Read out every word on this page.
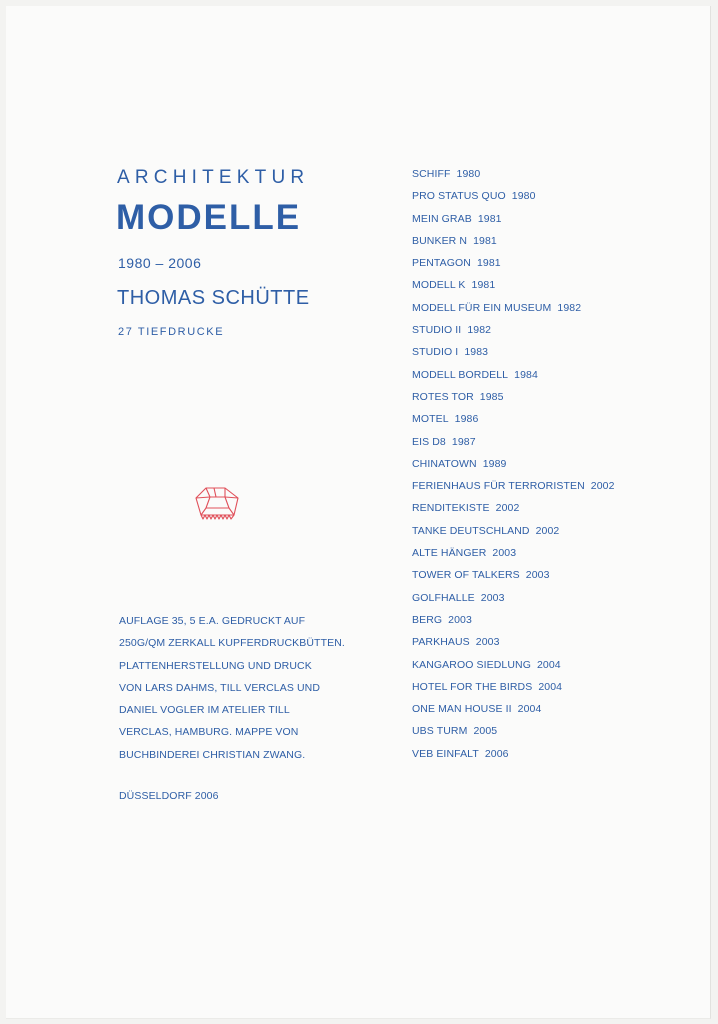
ARCHITEKTUR
MODELLE
1980 – 2006
THOMAS SCHÜTTE
27 TIEFDRUCKE
AUFLAGE 35, 5 E.A. GEDRUCKT AUF
250G/QM ZERKALL KUPFERDRUCKBÜTTEN.
PLATTENHERSTELLUNG UND DRUCK
VON LARS DAHMS, TILL VERCLAS UND
DANIEL VOGLER IM ATELIER TILL
VERCLAS, HAMBURG. MAPPE VON
BUCHBINDEREI CHRISTIAN ZWANG.
DÜSSELDORF 2006
SCHIFF 1980
PRO STATUS QUO 1980
MEIN GRAB 1981
BUNKER N 1981
PENTAGON 1981
MODELL K 1981
MODELL FÜR EIN MUSEUM 1982
STUDIO II 1982
STUDIO I 1983
MODELL BORDELL 1984
ROTES TOR 1985
MOTEL 1986
EIS D8 1987
CHINATOWN 1989
FERIENHAUS FÜR TERRORISTEN 2002
RENDITEKISTE 2002
TANKE DEUTSCHLAND 2002
ALTE HÄNGER 2003
TOWER OF TALKERS 2003
GOLFHALLE 2003
BERG 2003
PARKHAUS 2003
KANGAROO SIEDLUNG 2004
HOTEL FOR THE BIRDS 2004
ONE MAN HOUSE II 2004
UBS TURM 2005
VEB EINFALT 2006
